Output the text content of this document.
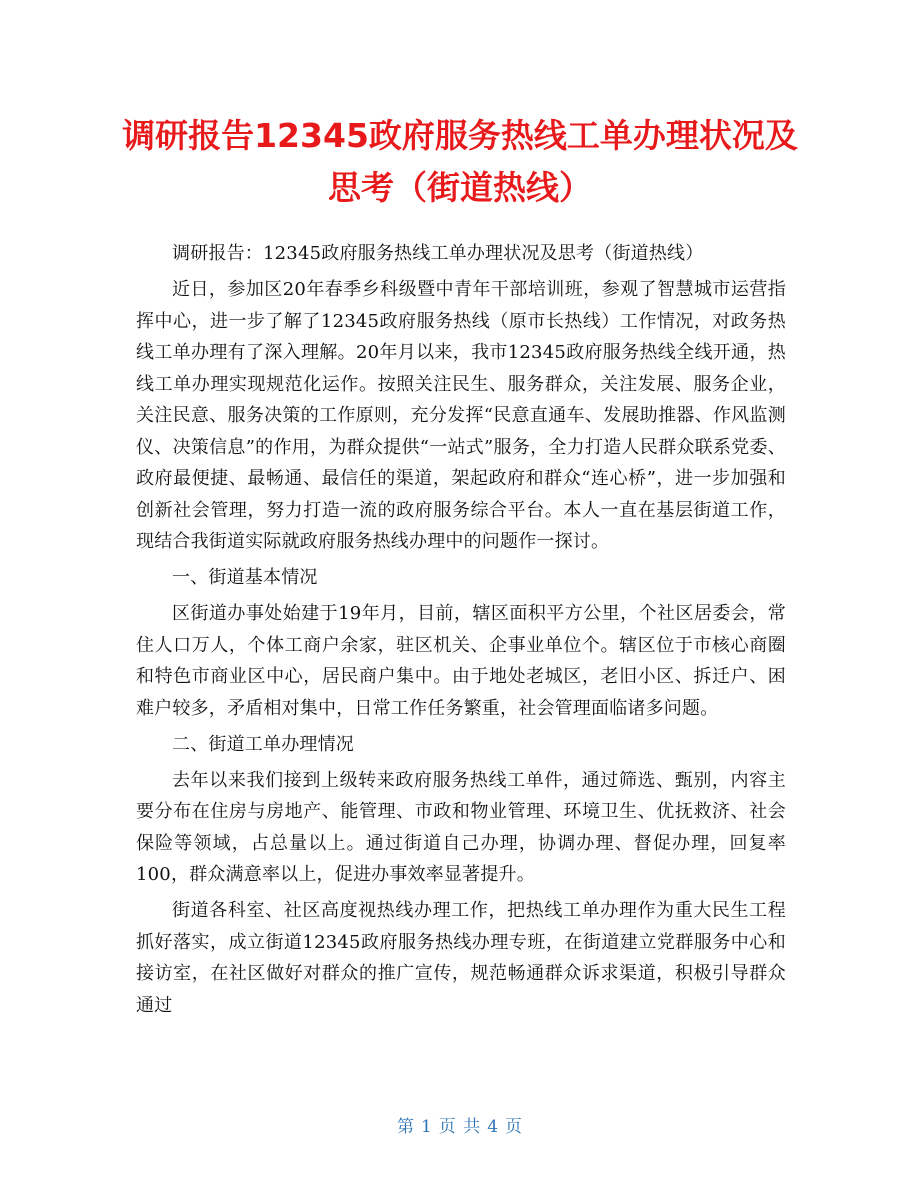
调研报告12345政府服务热线工单办理状况及
思考（街道热线）

调研报告：12345政府服务热线工单办理状况及思考（街道热线）

近日，参加区20年春季乡科级暨中青年干部培训班，参观了智慧城市运营指挥中心，进一步了解了12345政府服务热线（原市长热线）工作情况，对政务热线工单办理有了深入理解。20年月以来，我市12345政府服务热线全线开通，热线工单办理实现规范化运作。按照关注民生、服务群众，关注发展、服务企业，关注民意、服务决策的工作原则，充分发挥“民意直通车、发展助推器、作风监测仪、决策信息”的作用，为群众提供“一站式”服务，全力打造人民群众联系党委、政府最便捷、最畅通、最信任的渠道，架起政府和群众“连心桥”，进一步加强和创新社会管理，努力打造一流的政府服务综合平台。本人一直在基层街道工作，现结合我街道实际就政府服务热线办理中的问题作一探讨。

一、街道基本情况

区街道办事处始建于19年月，目前，辖区面积平方公里，个社区居委会，常住人口万人，个体工商户余家，驻区机关、企事业单位个。辖区位于市核心商圈和特色市商业区中心，居民商户集中。由于地处老城区，老旧小区、拆迁户、困难户较多，矛盾相对集中，日常工作任务繁重，社会管理面临诸多问题。

二、街道工单办理情况

去年以来我们接到上级转来政府服务热线工单件，通过筛选、甄别，内容主要分布在住房与房地产、能管理、市政和物业管理、环境卫生、优抚救济、社会保险等领域，占总量以上。通过街道自己办理，协调办理、督促办理，回复率100，群众满意率以上，促进办事效率显著提升。

街道各科室、社区高度视热线办理工作，把热线工单办理作为重大民生工程抓好落实，成立街道12345政府服务热线办理专班，在街道建立党群服务中心和接访室，在社区做好对群众的推广宣传，规范畅通群众诉求渠道，积极引导群众通过

第 1 页 共 4 页
